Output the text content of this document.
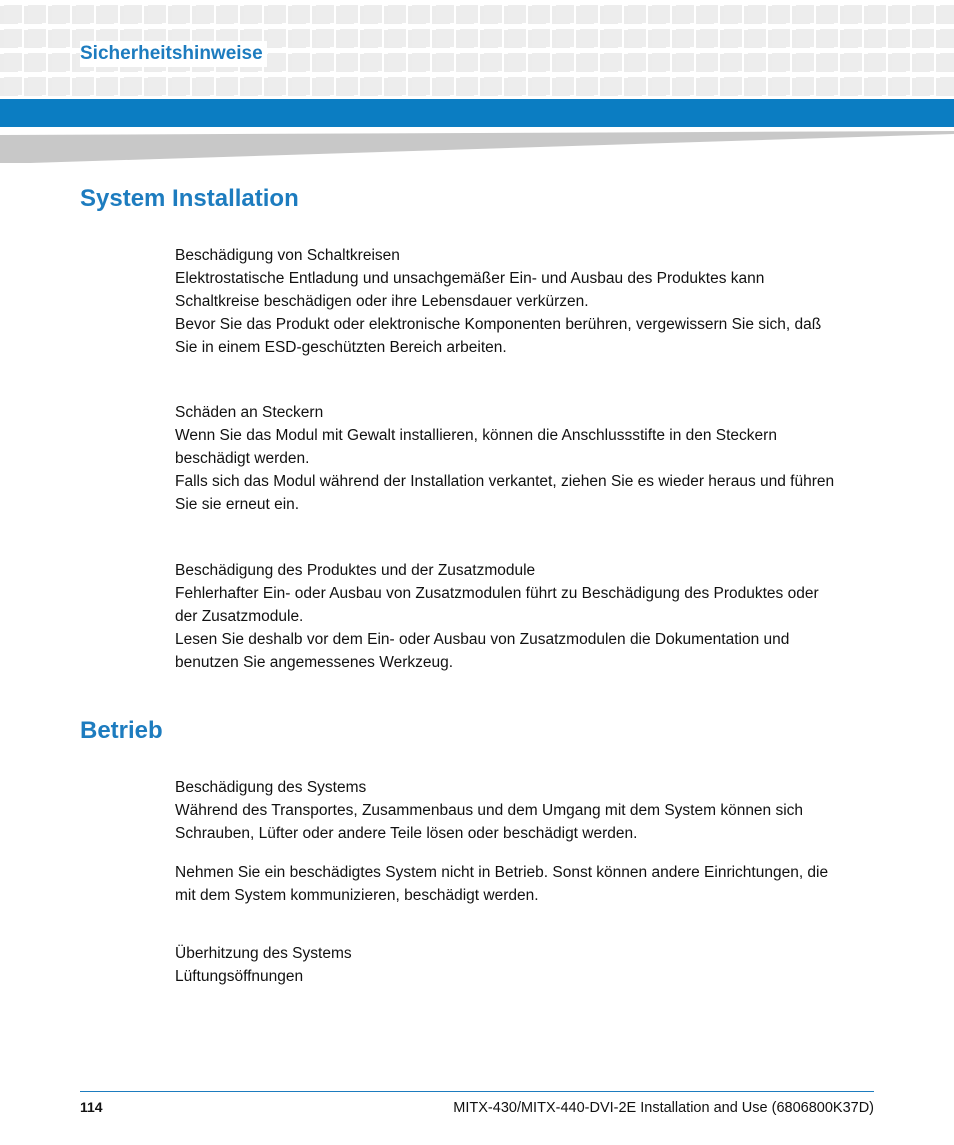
Sicherheitshinweise
System Installation

Beschädigung von Schaltkreisen

Elektrostatische Entladung und unsachgemäßer Ein- und Ausbau des Produktes kann

Schaltkreise beschädigen oder ihre Lebensdauer verkürzen.

Bevor Sie das Produkt oder elektronische Komponenten berühren, vergewissern Sie sich, daß

Sie in einem ESD-geschützten Bereich arbeiten.

Schäden an Steckern

Wenn Sie das Modul mit Gewalt installieren, können die Anschlussstifte in den Steckern

beschädigt werden.

Falls sich das Modul während der Installation verkantet, ziehen Sie es wieder heraus und führen

Sie sie erneut ein.

Beschädigung des Produktes und der Zusatzmodule

Fehlerhafter Ein- oder Ausbau von Zusatzmodulen führt zu Beschädigung des Produktes oder

der Zusatzmodule.

Lesen Sie deshalb vor dem Ein- oder Ausbau von Zusatzmodulen die Dokumentation und

benutzen Sie angemessenes Werkzeug.

Betrieb

Beschädigung des Systems

Während des Transportes, Zusammenbaus und dem Umgang mit dem System können sich

Schrauben, Lüfter oder andere Teile lösen oder beschädigt werden.

Nehmen Sie ein beschädigtes System nicht in Betrieb. Sonst können andere Einrichtungen, die

mit dem System kommunizieren, beschädigt werden.

Überhitzung des Systems

Lüftungsöffnungen

114	MITX-430/MITX-440-DVI-2E Installation and Use (6806800K37D)
